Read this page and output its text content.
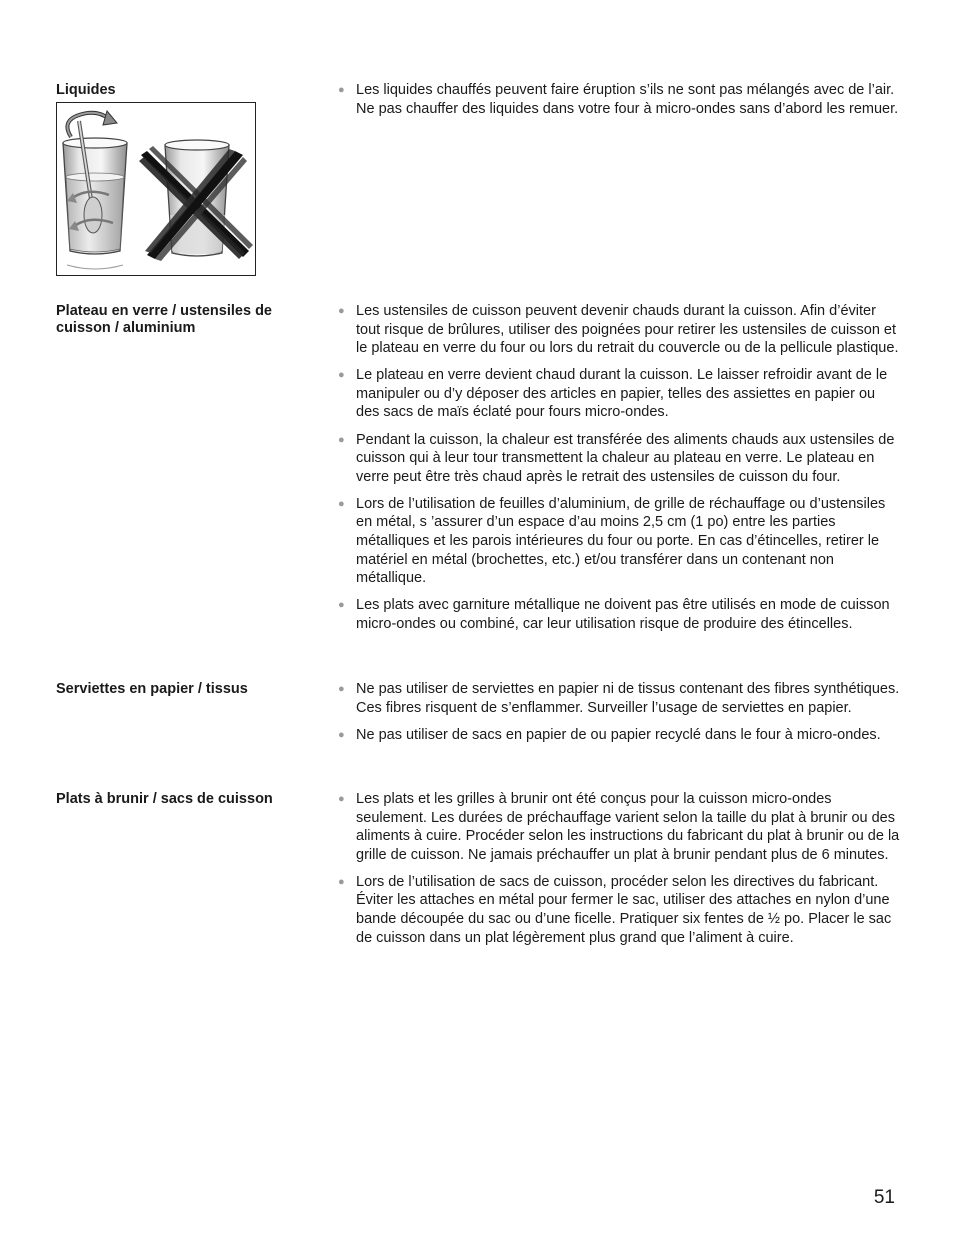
Liquides	● Les liquides chauffés peuvent faire éruption s’ils ne sont pas mélangés avec de l’air. Ne pas chauffer des liquides dans votre four à micro-ondes sans d’abord les remuer.
Plateau en verre / ustensiles de cuisson / aluminium
● Les ustensiles de cuisson peuvent devenir chauds durant la cuisson. Afin d’éviter tout risque de brûlures, utiliser des poignées pour retirer les ustensiles de cuisson et le plateau en verre du four ou lors du retrait du couvercle ou de la pellicule plastique.
● Le plateau en verre devient chaud durant la cuisson. Le laisser refroidir avant de le manipuler ou d’y déposer des articles en papier, telles des assiettes en papier ou des sacs de maïs éclaté pour fours micro-ondes.
● Pendant la cuisson, la chaleur est transférée des aliments chauds aux ustensiles de cuisson qui à leur tour transmettent la chaleur au plateau en verre. Le plateau en verre peut être très chaud après le retrait des ustensiles de cuisson du four.
● Lors de l’utilisation de feuilles d’aluminium, de grille de réchauffage ou d’ustensiles en métal, s ’assurer d’un espace d’au moins 2,5 cm (1 po) entre les parties métalliques et les parois intérieures du four ou porte. En cas d’étincelles, retirer le matériel en métal (brochettes, etc.) et/ou transférer dans un contenant non métallique.
● Les plats avec garniture métallique ne doivent pas être utilisés en mode de cuisson micro-ondes ou combiné, car leur utilisation risque de produire des étincelles.
Serviettes en papier / tissus	● Ne pas utiliser de serviettes en papier ni de tissus contenant des fibres synthétiques. Ces fibres risquent de s’enflammer. Surveiller l’usage de serviettes en papier.
● Ne pas utiliser de sacs en papier de ou papier recyclé dans le four à micro-ondes.
Plats à brunir / sacs de cuisson	● Les plats et les grilles à brunir ont été conçus pour la cuisson micro-ondes seulement. Les durées de préchauffage varient selon la taille du plat à brunir ou des aliments à cuire. Procéder selon les instructions du fabricant du plat à brunir ou de la grille de cuisson. Ne jamais préchauffer un plat à brunir pendant plus de 6 minutes.
● Lors de l’utilisation de sacs de cuisson, procéder selon les directives du fabricant. Éviter les attaches en métal pour fermer le sac, utiliser des attaches en nylon d’une bande découpée du sac ou d’une ficelle. Pratiquer six fentes de ½ po. Placer le sac de cuisson dans un plat légèrement plus grand que l’aliment à cuire.
51
